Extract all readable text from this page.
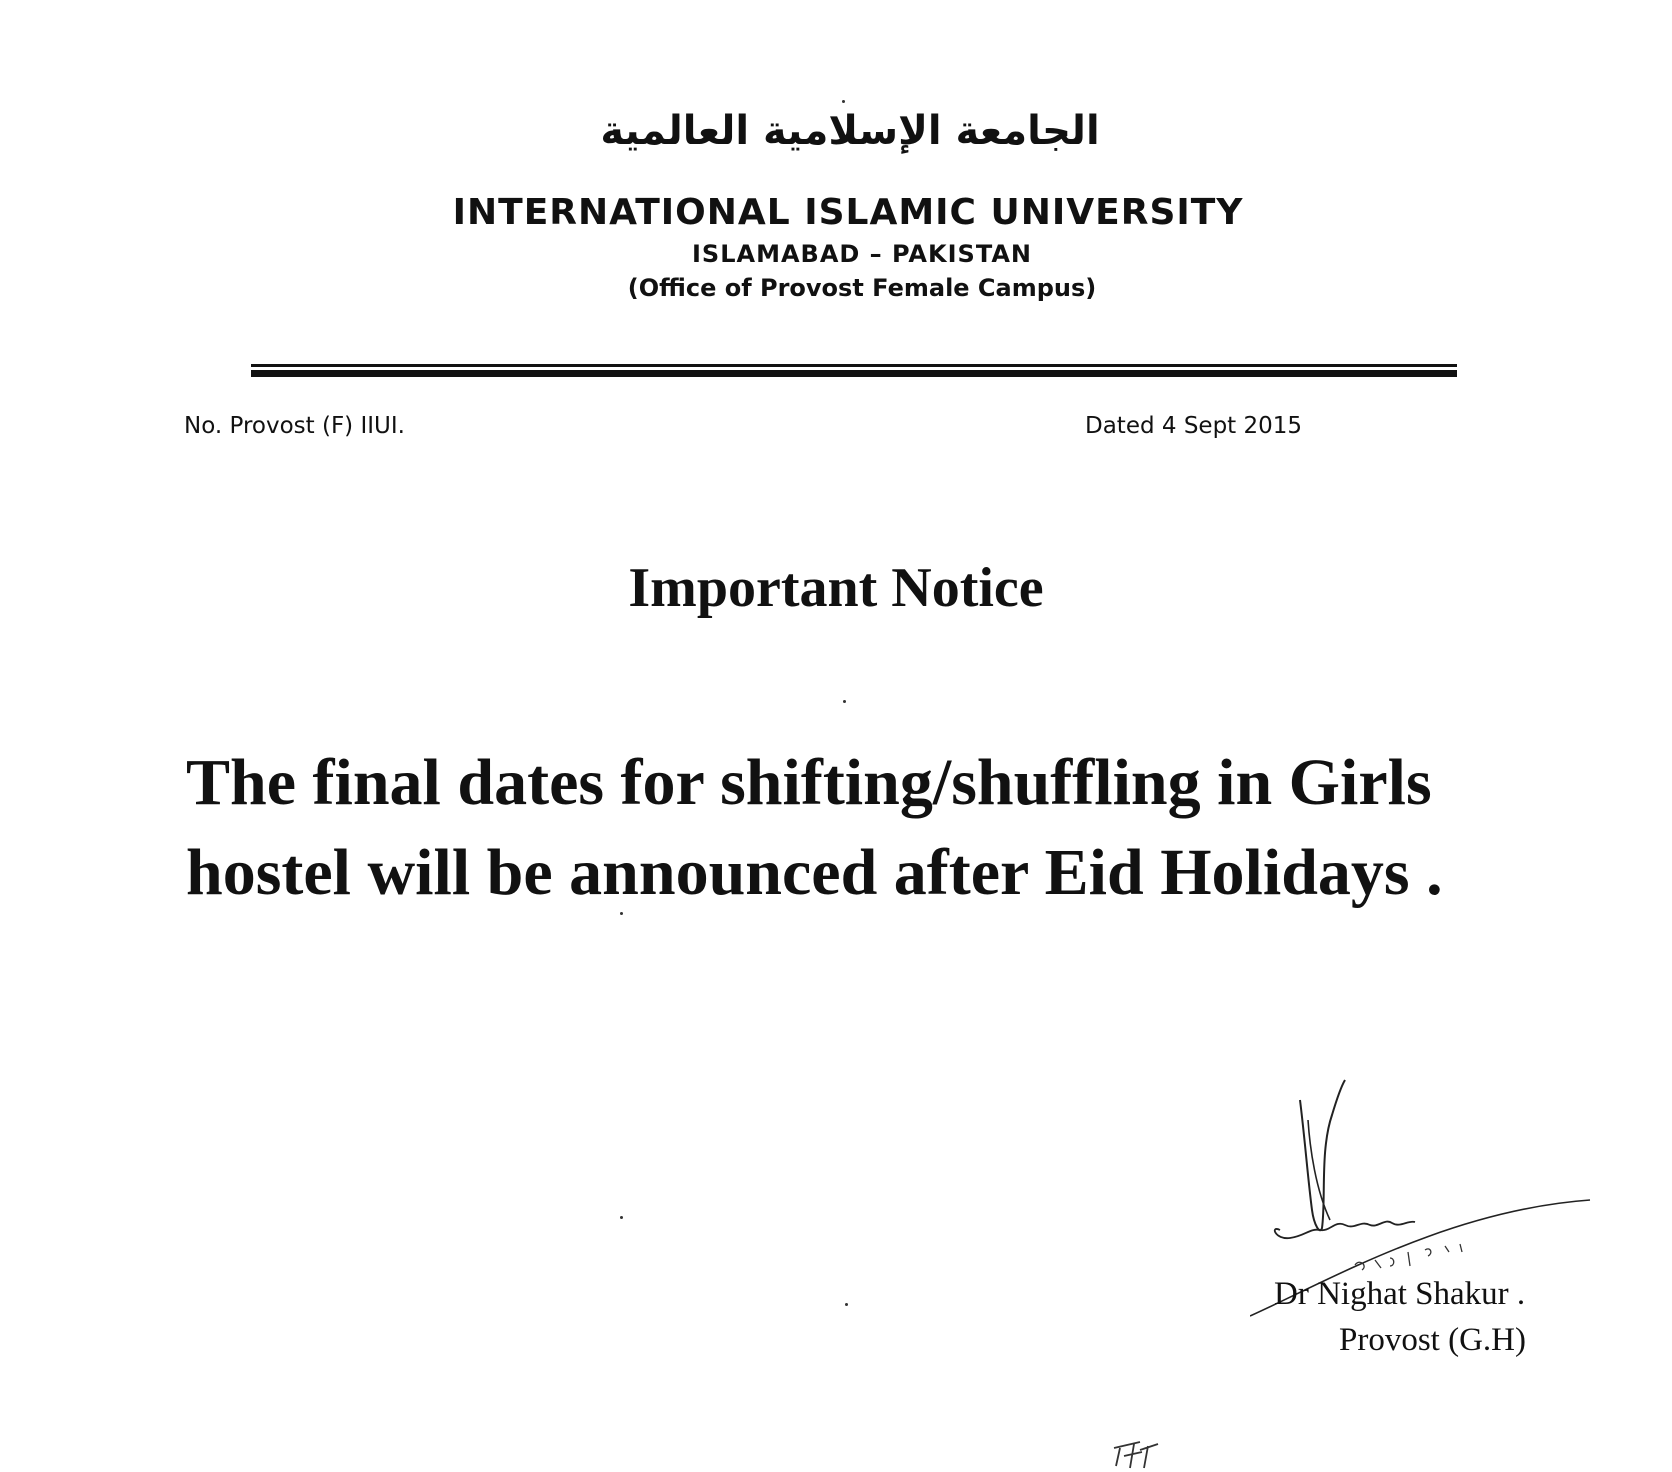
الجامعة الإسلامية العالمية
INTERNATIONAL ISLAMIC UNIVERSITY
ISLAMABAD – PAKISTAN
(Office of Provost Female Campus)
No. Provost (F) IIUI.	Dated 4 Sept 2015
Important Notice
The final dates for shifting/shuffling in Girls
hostel will be announced after Eid Holidays .
Dr Nighat Shakur .
Provost (G.H)
